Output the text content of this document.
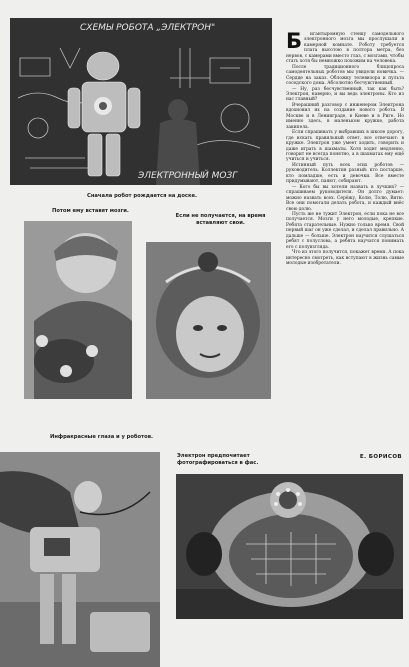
СХЕМЫ РОБОТА „ЭЛЕКТРОН"
ЭЛЕКТРОННЫЙ МОЗГ
Сначала робот рождается на доске.
Потом ему вставят мозги.
Если не получается, на время вставляют свои.
Инфракрасные глаза и у роботов.
Электрон предпочитает фотографироваться в фас.
Б	игантыромную стенку самодельного электронного мозга мы прослушали в камерной комнате. Роботу требуется плата высотою в полтора метра, без нервов, с камерами вместо глаз, с мозгами, чтобы стать хотя бы немножко похожим на человека.

После традиционного блицопроса самодеятельных роботов мы увидели новичка. — Сердце на заказ. Обложку телевизора и пульта соседского дома. Абсолютно бесчувственный.

— Ну, раз бесчувственный, так как быть? Электрон, наверно, и вы ведь электроны. Кто из нас главный?

Вчерашний разговор с инженером Электрона вдохновил их на создание нового робота. В Москве и в Ленинграде, в Киеве и в Риге. Но именно здесь, в маленьком кружке, работа закипела.

Если спрашивать у выбравших в школе дорогу, где искать правильный ответ, все отвечают: в кружке. Электрон уже умеет ходить, говорить и даже играть в шахматы. Хотя ходит медленно, говорит не всегда понятно, а в шахматах ему ещё учиться и учиться.

Истинный путь всех этих роботов — руководитель. Коллектив разный: кто постарше, кто помладше, есть и девочки. Все вместе придумывают, паяют, собирают.

— Кого бы вы хотели назвать в лучших? — спрашиваем руководителя. Он долго думает: можно назвать всех. Серёжу, Колю, Толю, Витю. Все они помогали делать робота, и каждый внёс свою долю.

Пусть же не тужит Электрон, если пока не все получается. Мозги у него молодые, крепкие. Ребята старательные. Нужно только время. Свой первый шаг он уже сделал, и сделал правильно. А дальше — больше. Электрон научится слушаться ребят с полуслова, а ребята научатся понимать его с полувзгляда.

Что из этого получится, покажет время. А пока интересно смотреть, как вступают в жизнь самые молодые изобретатели.

Е. БОРИСОВ
